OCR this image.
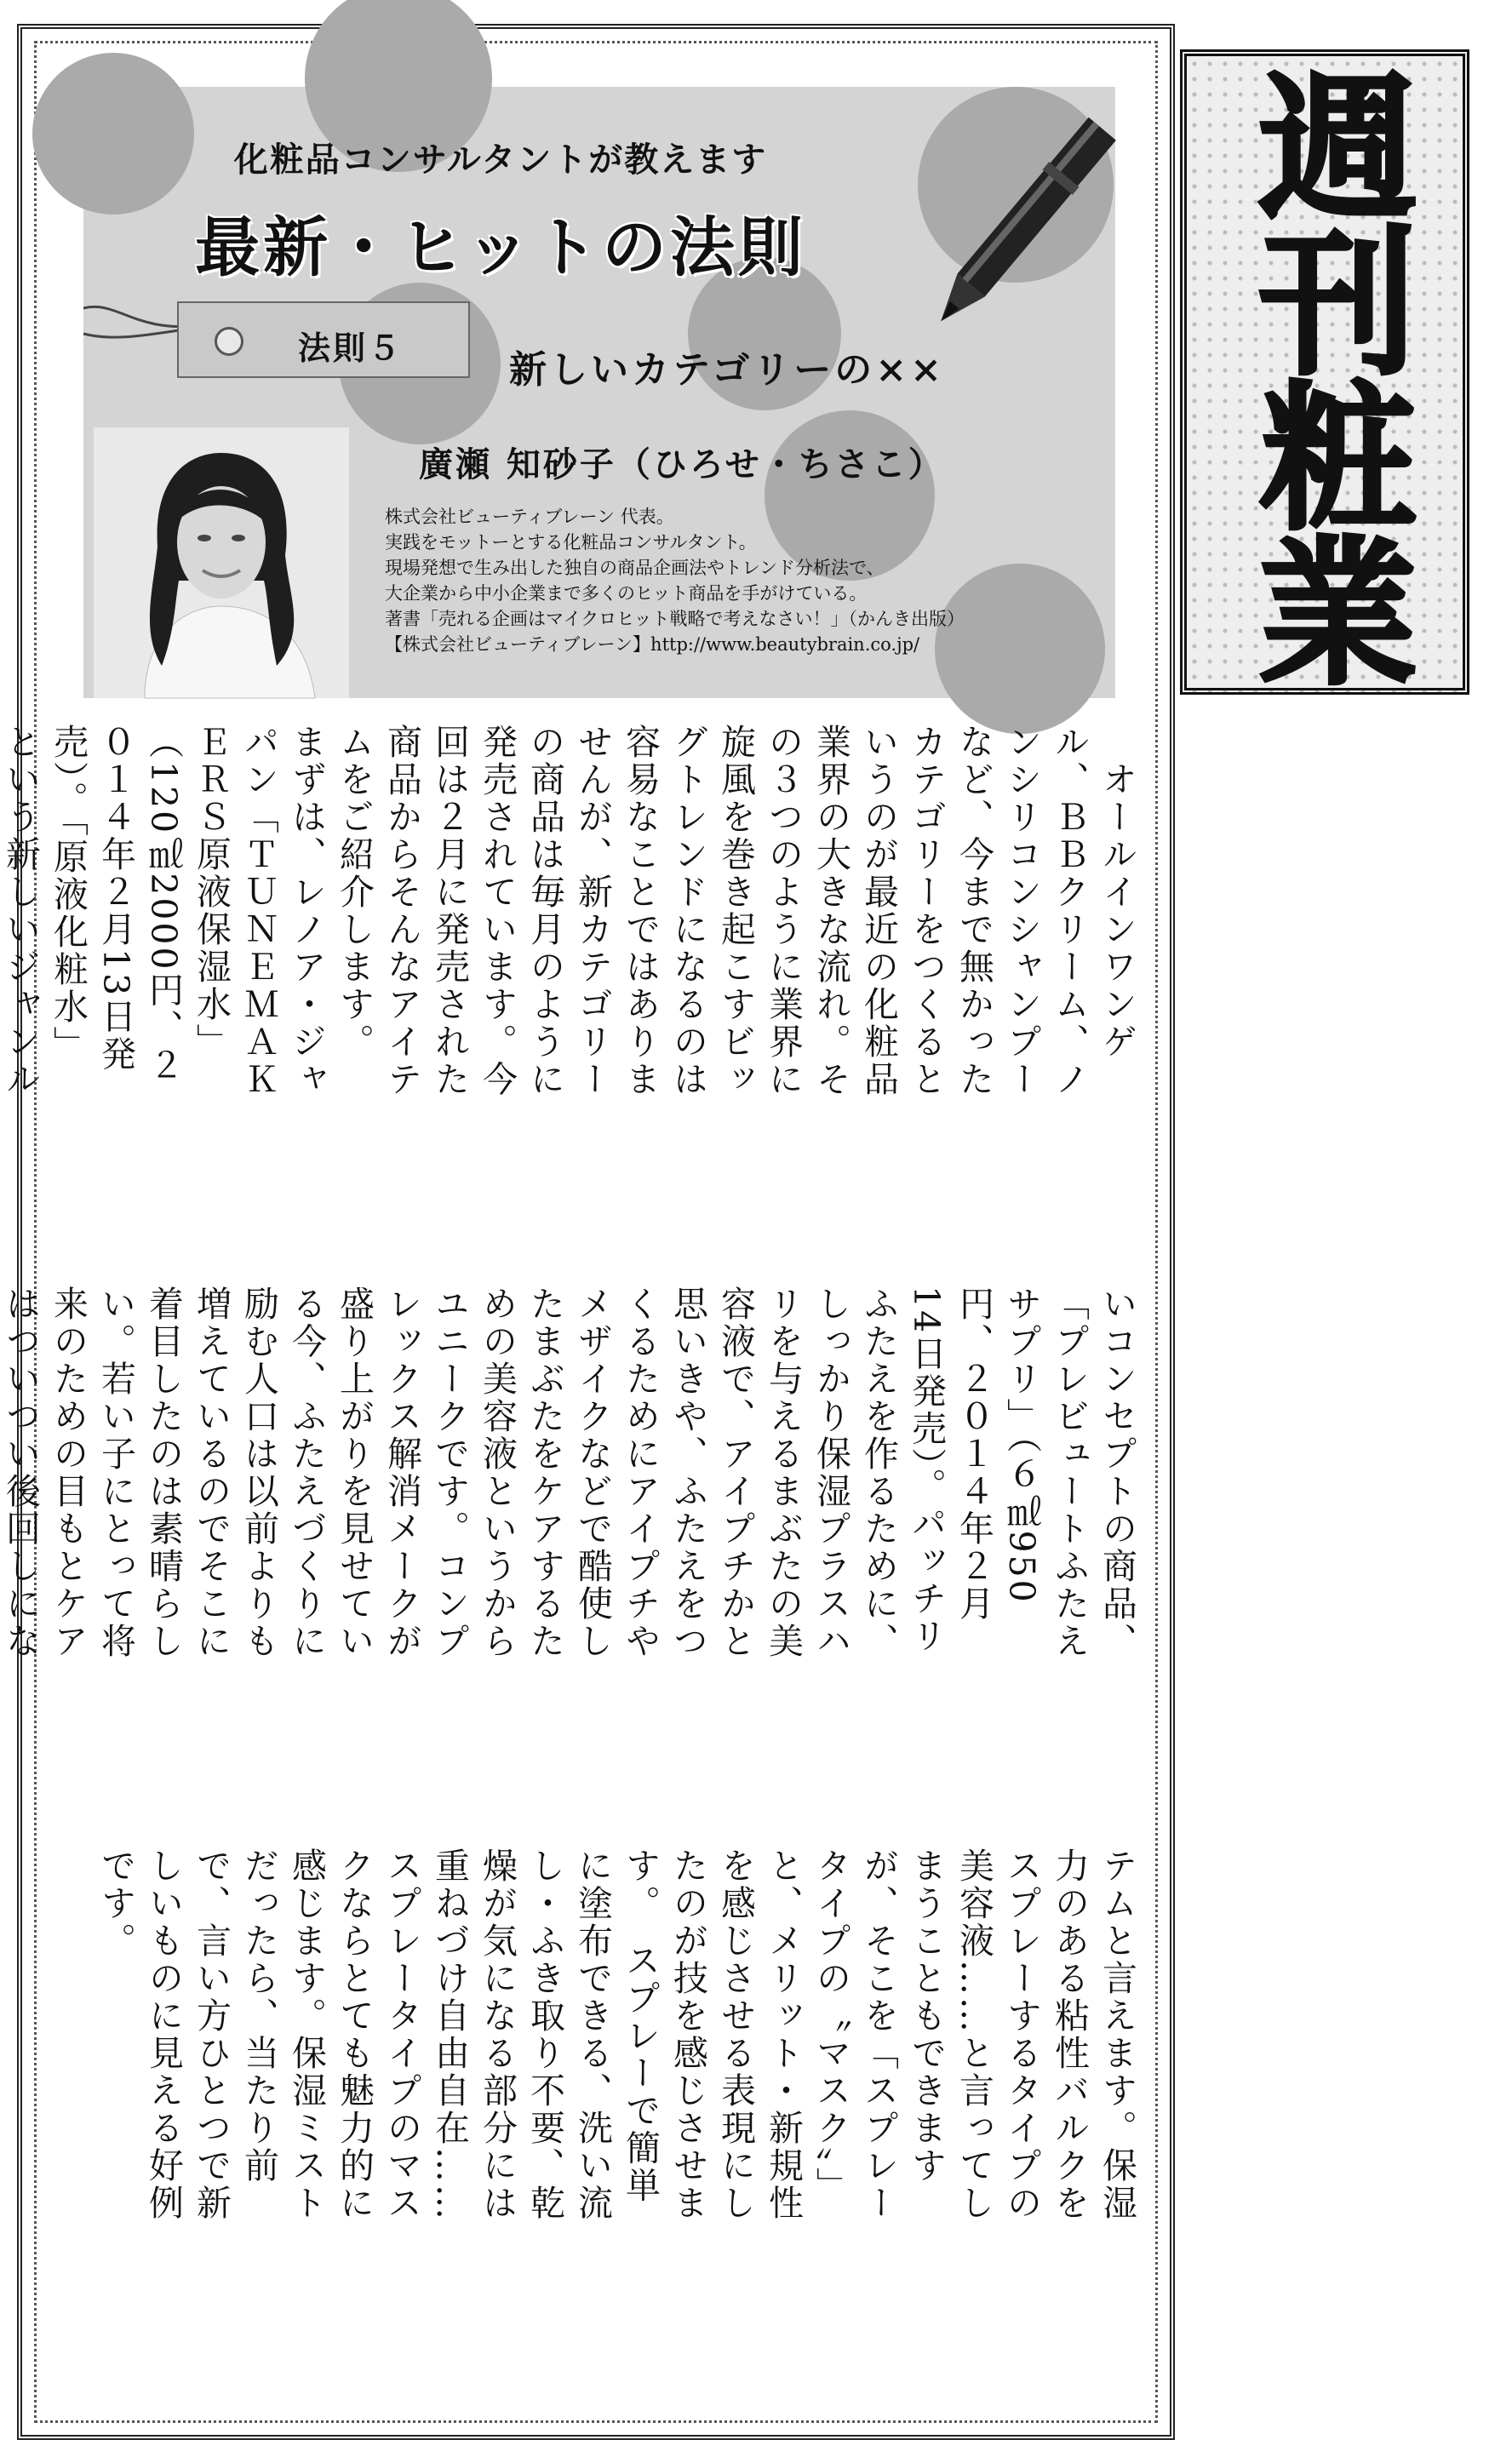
化粧品コンサルタントが教えます
最新・ヒットの法則
法則５
新しいカテゴリーの××
廣瀬 知砂子（ひろせ・ちさこ）
株式会社ビューティブレーン 代表。
実践をモットーとする化粧品コンサルタント。
現場発想で生み出した独自の商品企画法やトレンド分析法で、
大企業から中小企業まで多くのヒット商品を手がけている。
著書「売れる企画はマイクロヒット戦略で考えなさい！」（かんき出版）
【株式会社ビューティブレーン】http://www.beautybrain.co.jp/ 週刊粧業

　オールインワンゲル、ＢＢクリーム、ノンシリコンシャンプーなど、今まで無かったカテゴリーをつくるというのが最近の化粧品業界の大きな流れ。その３つのように業界に旋風を巻き起こすビッグトレンドになるのは容易なことではありませんが、新カテゴリーの商品は毎月のように発売されています。今回は２月に発売された商品からそんなアイテムをご紹介します。　まずは、レノア・ジャパン「ＴＵＮＥＭＡＫＥＲＳ原液保湿水」（120㎖2000円、２０１４年２月13日発売）。「原液化粧水」という新しいジャンル　

いコンセプトの商品、「プレビュートふたえサプリ」（６㎖950円、２０１４年２月14日発売）。パッチリふたえを作るために、しっかり保湿プラスハリを与えるまぶたの美容液で、アイプチかと思いきや、ふたえをつくるためにアイプチやメザイクなどで酷使したまぶたをケアするための美容液というからユニークです。コンプレックス解消メークが盛り上がりを見せている今、ふたえづくりに励む人口は以前よりも増えているのでそこに着目したのは素晴らしい。若い子にとって将来のための目もとケアはついつい後回しにな　

テムと言えます。保湿力のある粘性バルクをスプレーするタイプの美容液……と言ってしまうこともできますが、そこを「スプレータイプの〝マスク〟」と、メリット・新規性を感じさせる表現にしたのが技を感じさせます。　スプレーで簡単に塗布できる、洗い流し・ふき取り不要、乾燥が気になる部分には重ねづけ自由自在……スプレータイプのマスクならとても魅力的に感じます。保湿ミストだったら、当たり前で、言い方ひとつで新しいものに見える好例です。
